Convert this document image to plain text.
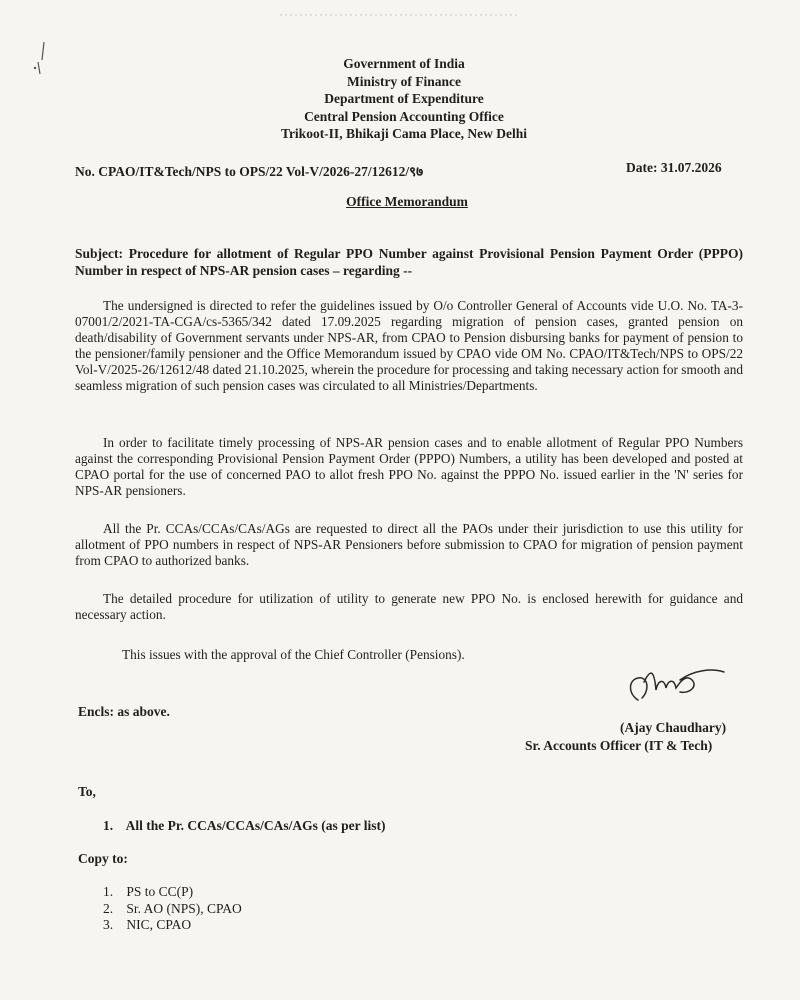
Government of India
Ministry of Finance
Department of Expenditure
Central Pension Accounting Office
Trikoot-II, Bhikaji Cama Place, New Delhi
No. CPAO/IT&Tech/NPS to OPS/22 Vol-V/2026-27/12612/९७	Date: 31.07.2026
Office Memorandum
Subject: Procedure for allotment of Regular PPO Number against Provisional Pension Payment Order (PPPO) Number in respect of NPS-AR pension cases – regarding --
The undersigned is directed to refer the guidelines issued by O/o Controller General of Accounts vide U.O. No. TA-3-07001/2/2021-TA-CGA/cs-5365/342 dated 17.09.2025 regarding migration of pension cases, granted pension on death/disability of Government servants under NPS-AR, from CPAO to Pension disbursing banks for payment of pension to the pensioner/family pensioner and the Office Memorandum issued by CPAO vide OM No. CPAO/IT&Tech/NPS to OPS/22 Vol-V/2025-26/12612/48 dated 21.10.2025, wherein the procedure for processing and taking necessary action for smooth and seamless migration of such pension cases was circulated to all Ministries/Departments.
In order to facilitate timely processing of NPS-AR pension cases and to enable allotment of Regular PPO Numbers against the corresponding Provisional Pension Payment Order (PPPO) Numbers, a utility has been developed and posted at CPAO portal for the use of concerned PAO to allot fresh PPO No. against the PPPO No. issued earlier in the 'N' series for NPS-AR pensioners.
All the Pr. CCAs/CCAs/CAs/AGs are requested to direct all the PAOs under their jurisdiction to use this utility for allotment of PPO numbers in respect of NPS-AR Pensioners before submission to CPAO for migration of pension payment from CPAO to authorized banks.
The detailed procedure for utilization of utility to generate new PPO No. is enclosed herewith for guidance and necessary action.
This issues with the approval of the Chief Controller (Pensions).
Encls: as above.
(Ajay Chaudhary)
Sr. Accounts Officer (IT & Tech)
To,
1. All the Pr. CCAs/CCAs/CAs/AGs (as per list)
Copy to:
1. PS to CC(P)
2. Sr. AO (NPS), CPAO
3. NIC, CPAO
